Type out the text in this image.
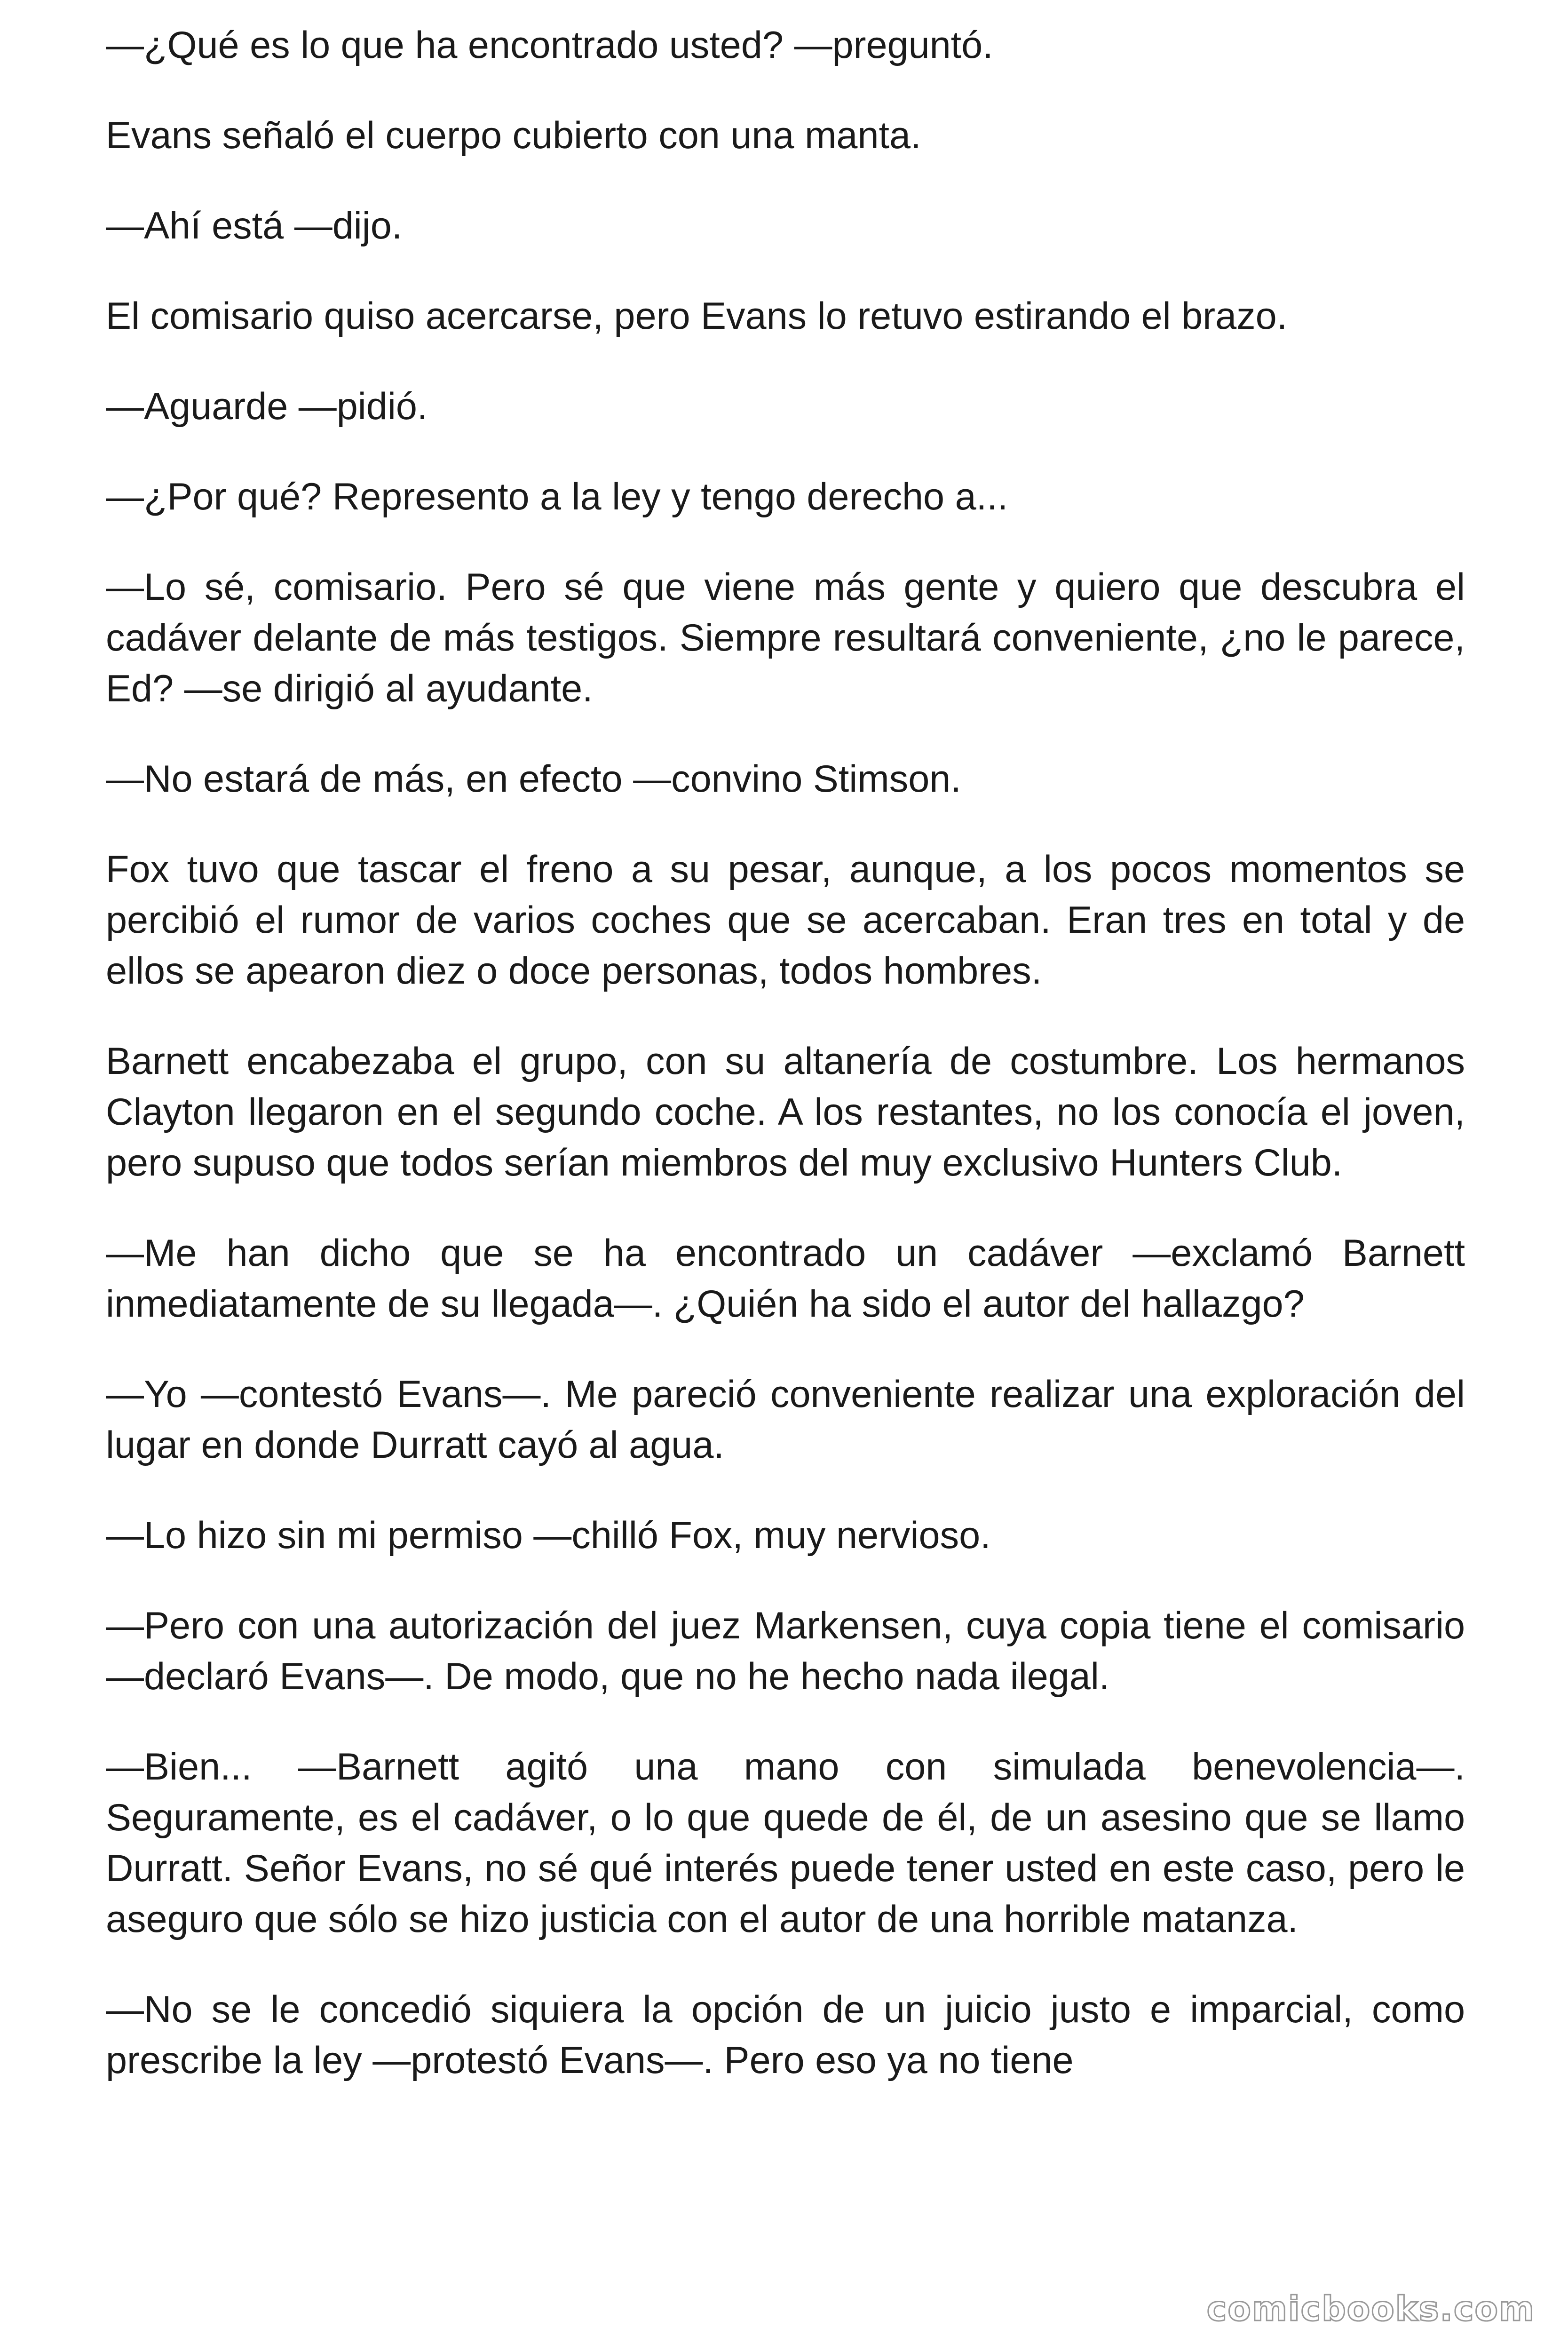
—¿Qué es lo que ha encontrado usted? —preguntó.

Evans señaló el cuerpo cubierto con una manta.

—Ahí está —dijo.

El comisario quiso acercarse, pero Evans lo retuvo estirando el brazo.

—Aguarde —pidió.

—¿Por qué? Represento a la ley y tengo derecho a...

—Lo sé, comisario. Pero sé que viene más gente y quiero que descubra el cadáver delante de más testigos. Siempre resultará conveniente, ¿no le parece, Ed? —se dirigió al ayudante.

—No estará de más, en efecto —convino Stimson.

Fox tuvo que tascar el freno a su pesar, aunque, a los pocos momentos se percibió el rumor de varios coches que se acercaban. Eran tres en total y de ellos se apearon diez o doce personas, todos hombres.

Barnett encabezaba el grupo, con su altanería de costumbre. Los hermanos Clayton llegaron en el segundo coche. A los restantes, no los conocía el joven, pero supuso que todos serían miembros del muy exclusivo Hunters Club.

—Me han dicho que se ha encontrado un cadáver —exclamó Barnett inmediatamente de su llegada—. ¿Quién ha sido el autor del hallazgo?

—Yo —contestó Evans—. Me pareció conveniente realizar una exploración del lugar en donde Durratt cayó al agua.

—Lo hizo sin mi permiso —chilló Fox, muy nervioso.

—Pero con una autorización del juez Markensen, cuya copia tiene el comisario —declaró Evans—. De modo, que no he hecho nada ilegal.

—Bien... —Barnett agitó una mano con simulada benevolencia—. Seguramente, es el cadáver, o lo que quede de él, de un asesino que se llamo Durratt. Señor Evans, no sé qué interés puede tener usted en este caso, pero le aseguro que sólo se hizo justicia con el autor de una horrible matanza.

—No se le concedió siquiera la opción de un juicio justo e imparcial, como prescribe la ley —protestó Evans—. Pero eso ya no tiene

comicbooks.com
